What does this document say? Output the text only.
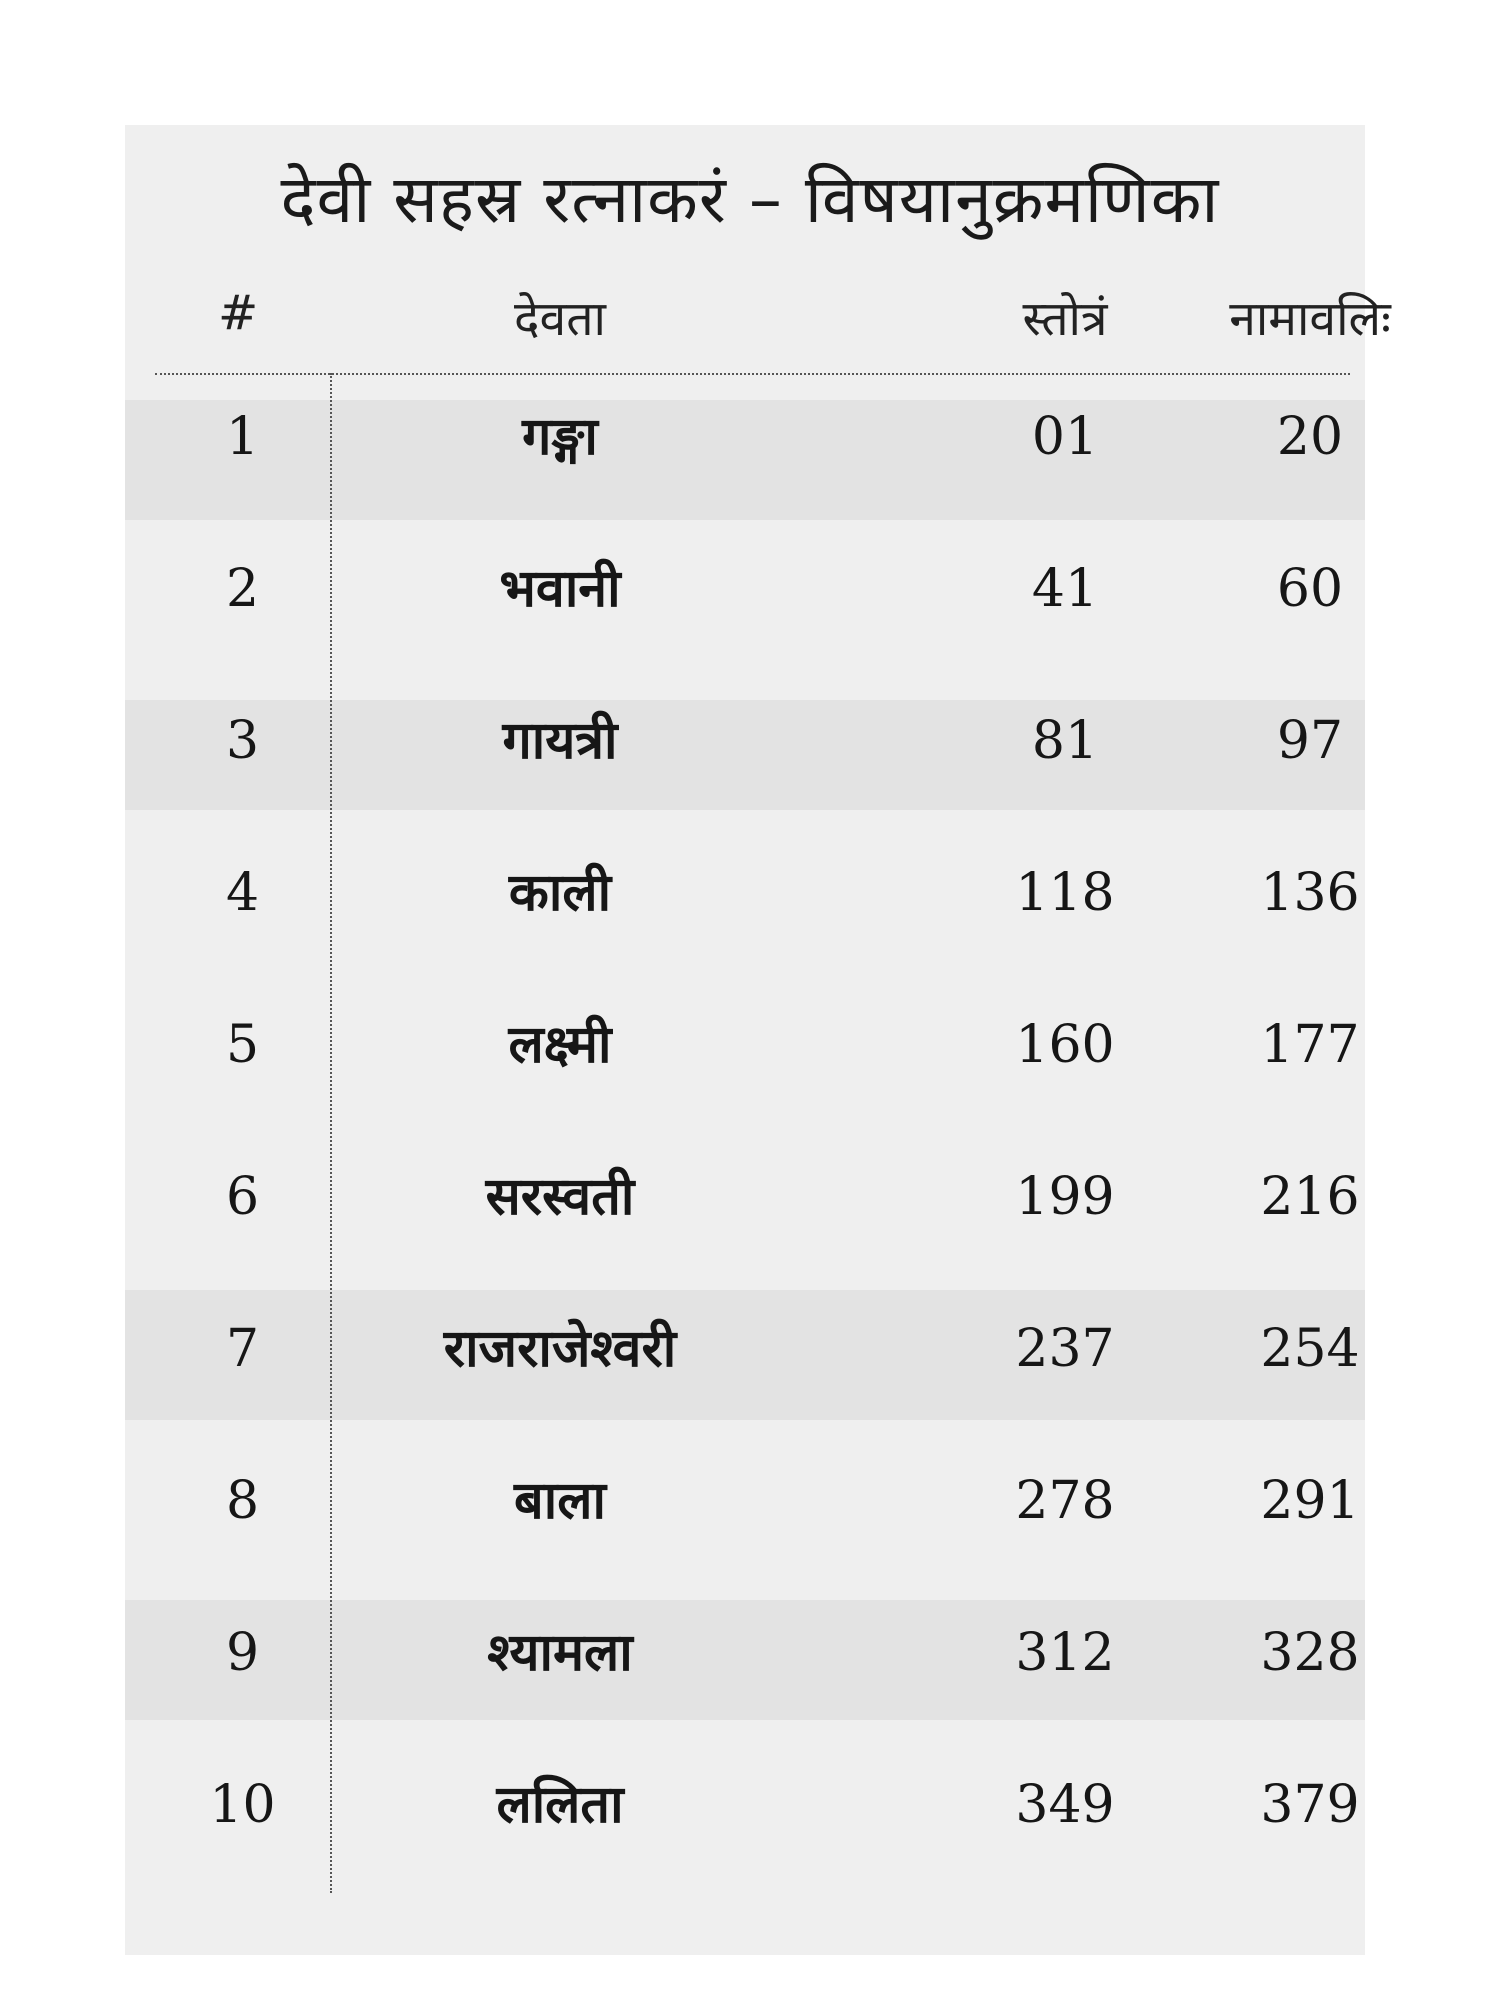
देवी सहस्र रत्नाकरं – विषयानुक्रमणिका
#	देवता	स्तोत्रं	नामावलिः
1	गङ्गा	01	20
2	भवानी	41	60
3	गायत्री	81	97
4	काली	118	136
5	लक्ष्मी	160	177
6	सरस्वती	199	216
7	राजराजेश्वरी	237	254
8	बाला	278	291
9	श्यामला	312	328
10	ललिता	349	379
